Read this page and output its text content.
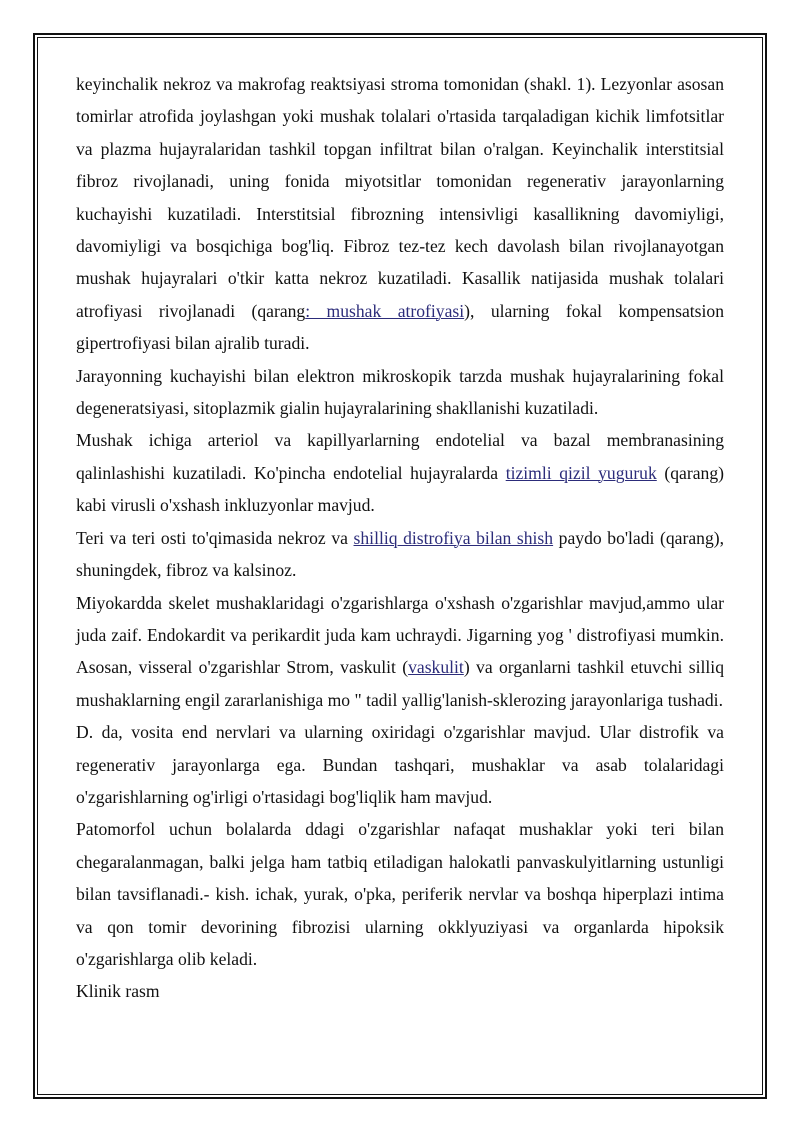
keyinchalik nekroz va makrofag reaktsiyasi stroma tomonidan (shakl. 1). Lezyonlar asosan tomirlar atrofida joylashgan yoki mushak tolalari o'rtasida tarqaladigan kichik limfotsitlar va plazma hujayralaridan tashkil topgan infiltrat bilan o'ralgan. Keyinchalik interstitsial fibroz rivojlanadi, uning fonida miyotsitlar tomonidan regenerativ jarayonlarning kuchayishi kuzatiladi. Interstitsial fibrozning intensivligi kasallikning davomiyligi, davomiyligi va bosqichiga bog'liq. Fibroz tez-tez kech davolash bilan rivojlanayotgan mushak hujayralari o'tkir katta nekroz kuzatiladi. Kasallik natijasida mushak tolalari atrofiyasi rivojlanadi (qarang: mushak atrofiyasi), ularning fokal kompensatsion gipertrofiyasi bilan ajralib turadi.

Jarayonning kuchayishi bilan elektron mikroskopik tarzda mushak hujayralarining fokal degeneratsiyasi, sitoplazmik gialin hujayralarining shakllanishi kuzatiladi.

Mushak ichiga arteriol va kapillyarlarning endotelial va bazal membranasining qalinlashishi kuzatiladi. Ko'pincha endotelial hujayralarda tizimli qizil yuguruk (qarang) kabi virusli o'xshash inkluzyonlar mavjud.

Teri va teri osti to'qimasida nekroz va shilliq distrofiya bilan shish paydo bo'ladi (qarang), shuningdek, fibroz va kalsinoz.

Miyokardda skelet mushaklaridagi o'zgarishlarga o'xshash o'zgarishlar mavjud,ammo ular juda zaif. Endokardit va perikardit juda kam uchraydi. Jigarning yog ' distrofiyasi mumkin. Asosan, visseral o'zgarishlar Strom, vaskulit (vaskulit) va organlarni tashkil etuvchi silliq mushaklarning engil zararlanishiga mo " tadil yallig'lanish-sklerozing jarayonlariga tushadi.

D. da, vosita end nervlari va ularning oxiridagi o'zgarishlar mavjud. Ular distrofik va regenerativ jarayonlarga ega. Bundan tashqari, mushaklar va asab tolalaridagi o'zgarishlarning og'irligi o'rtasidagi bog'liqlik ham mavjud.

Patomorfol uchun bolalarda ddagi o'zgarishlar nafaqat mushaklar yoki teri bilan chegaralanmagan, balki jelga ham tatbiq etiladigan halokatli panvaskulyitlarning ustunligi bilan tavsiflanadi.- kish. ichak, yurak, o'pka, periferik nervlar va boshqa hiperplazi intima va qon tomir devorining fibrozisi ularning okklyuziyasi va organlarda hipoksik o'zgarishlarga olib keladi.

Klinik rasm
